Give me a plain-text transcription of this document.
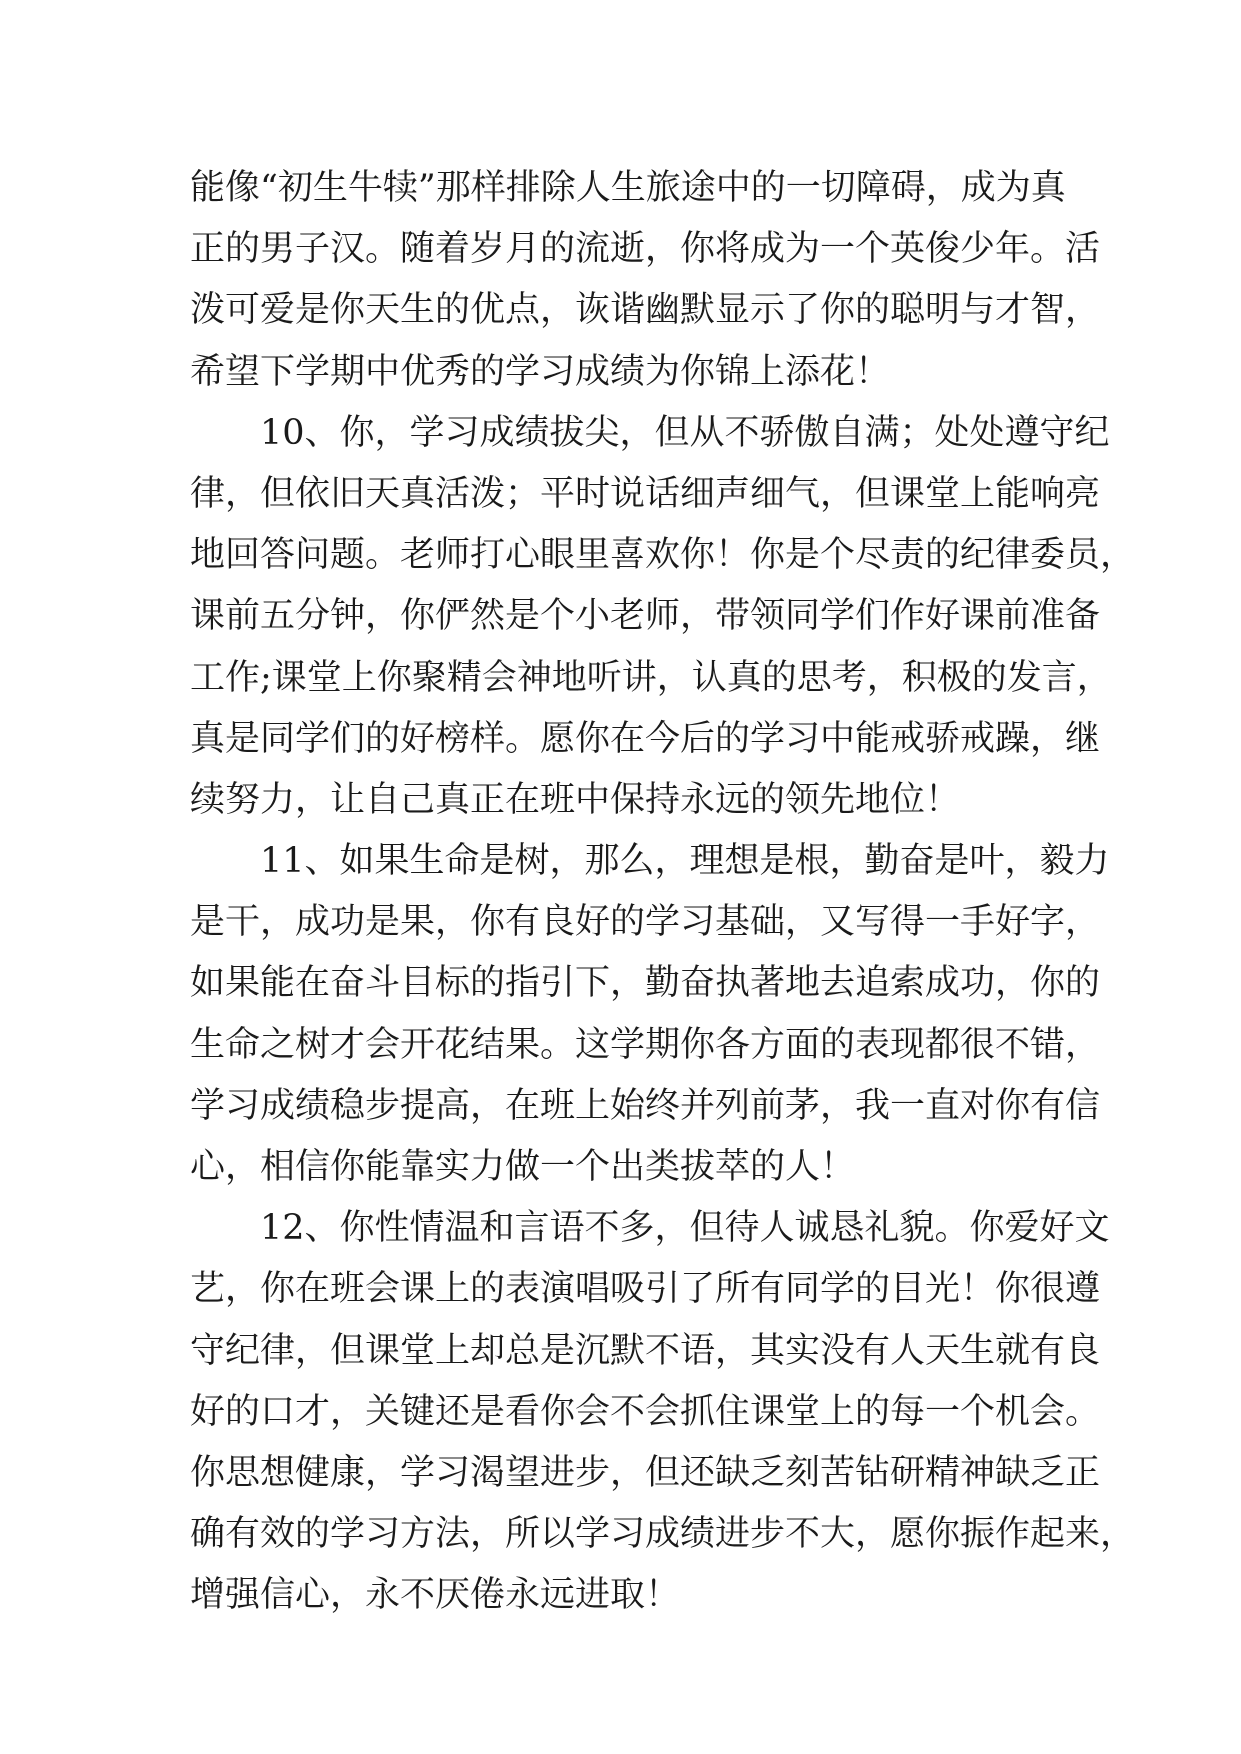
能像“初生牛犊”那样排除人生旅途中的一切障碍，成为真
正的男子汉。随着岁月的流逝，你将成为一个英俊少年。活
泼可爱是你天生的优点，诙谐幽默显示了你的聪明与才智，
希望下学期中优秀的学习成绩为你锦上添花！
10、你，学习成绩拔尖，但从不骄傲自满；处处遵守纪
律，但依旧天真活泼；平时说话细声细气，但课堂上能响亮
地回答问题。老师打心眼里喜欢你！你是个尽责的纪律委员，
课前五分钟，你俨然是个小老师，带领同学们作好课前准备
工作;课堂上你聚精会神地听讲，认真的思考，积极的发言，
真是同学们的好榜样。愿你在今后的学习中能戒骄戒躁，继
续努力，让自己真正在班中保持永远的领先地位！
11、如果生命是树，那么，理想是根，勤奋是叶，毅力
是干，成功是果，你有良好的学习基础，又写得一手好字，
如果能在奋斗目标的指引下，勤奋执著地去追索成功，你的
生命之树才会开花结果。这学期你各方面的表现都很不错，
学习成绩稳步提高，在班上始终并列前茅，我一直对你有信
心，相信你能靠实力做一个出类拔萃的人！
12、你性情温和言语不多，但待人诚恳礼貌。你爱好文
艺，你在班会课上的表演唱吸引了所有同学的目光！你很遵
守纪律，但课堂上却总是沉默不语，其实没有人天生就有良
好的口才，关键还是看你会不会抓住课堂上的每一个机会。
你思想健康，学习渴望进步，但还缺乏刻苦钻研精神缺乏正
确有效的学习方法，所以学习成绩进步不大，愿你振作起来，
增强信心，永不厌倦永远进取！
